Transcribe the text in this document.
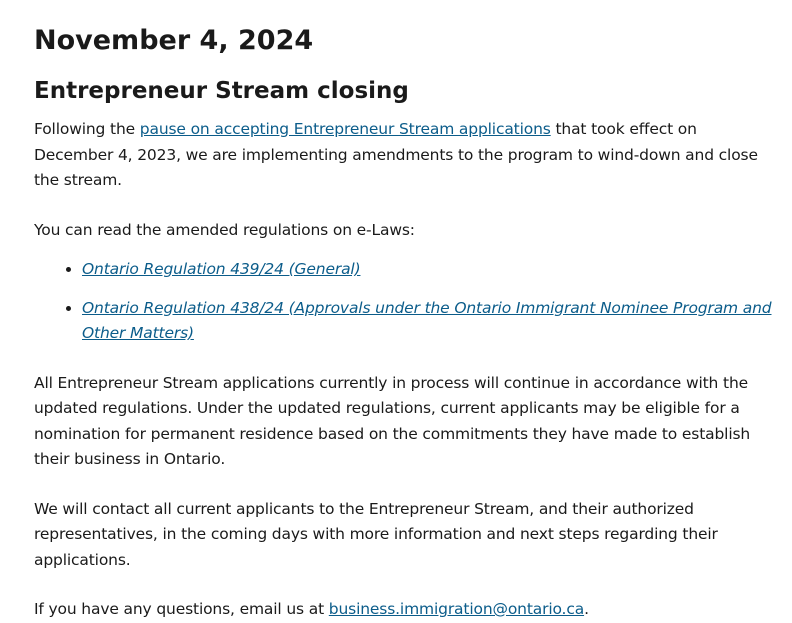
November 4, 2024
Entrepreneur Stream closing

Following the pause on accepting Entrepreneur Stream applications that took effect on December 4, 2023, we are implementing amendments to the program to wind-down and close the stream.

You can read the amended regulations on e-Laws:

• Ontario Regulation 439/24 (General)
• Ontario Regulation 438/24 (Approvals under the Ontario Immigrant Nominee Program and Other Matters)

All Entrepreneur Stream applications currently in process will continue in accordance with the updated regulations. Under the updated regulations, current applicants may be eligible for a nomination for permanent residence based on the commitments they have made to establish their business in Ontario.

We will contact all current applicants to the Entrepreneur Stream, and their authorized representatives, in the coming days with more information and next steps regarding their applications.

If you have any questions, email us at business.immigration@ontario.ca.
